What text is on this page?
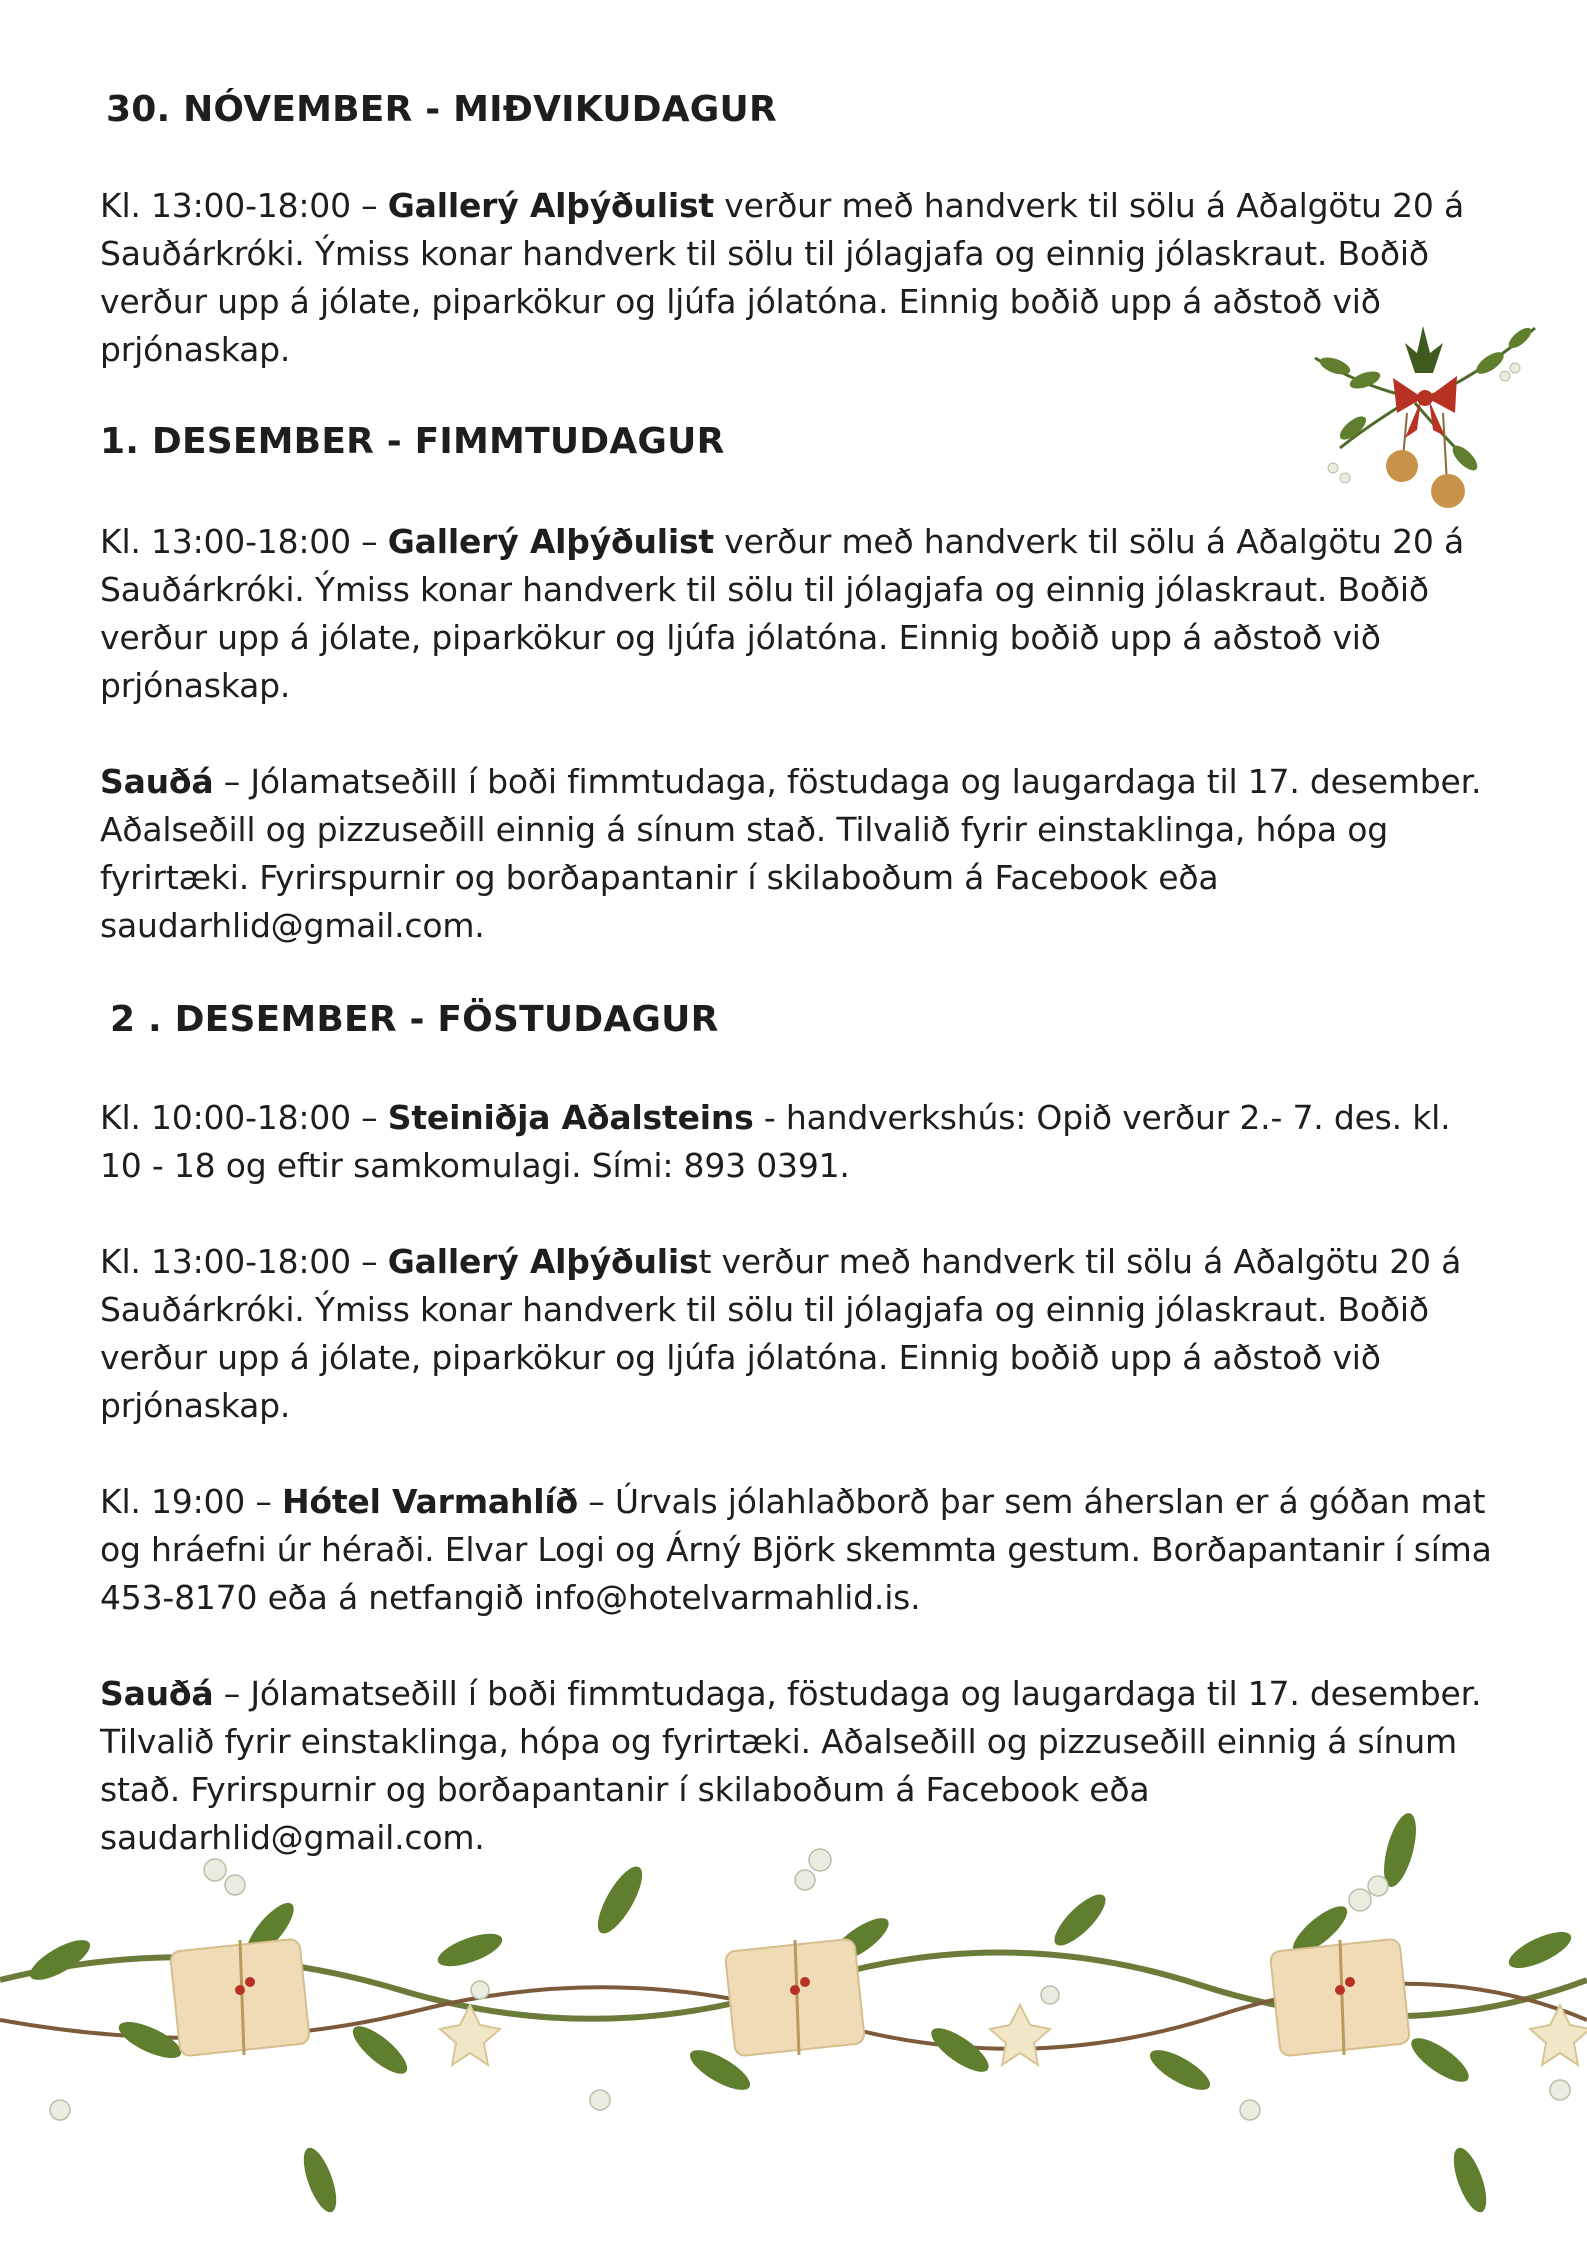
30. NÓVEMBER - MIÐVIKUDAGUR
1. DESEMBER - FIMMTUDAGUR
2 . DESEMBER - FÖSTUDAGUR

Kl. 13:00-18:00 – Gallerý Alþýðulist verður með handverk til sölu á Aðalgötu 20 á Sauðárkróki. Ýmiss konar handverk til sölu til jólagjafa og einnig jólaskraut. Boðið verður upp á jólate, piparkökur og ljúfa jólatóna. Einnig boðið upp á aðstoð við prjónaskap.

Kl. 13:00-18:00 – Gallerý Alþýðulist verður með handverk til sölu á Aðalgötu 20 á Sauðárkróki. Ýmiss konar handverk til sölu til jólagjafa og einnig jólaskraut. Boðið verður upp á jólate, piparkökur og ljúfa jólatóna. Einnig boðið upp á aðstoð við prjónaskap.

Sauðá – Jólamatseðill í boði fimmtudaga, föstudaga og laugardaga til 17. desember. Aðalseðill og pizzuseðill einnig á sínum stað. Tilvalið fyrir einstaklinga, hópa og fyrirtæki. Fyrirspurnir og borðapantanir í skilaboðum á Facebook eða saudarhlid@gmail.com.

Kl. 10:00-18:00 – Steiniðja Aðalsteins - handverkshús: Opið verður 2.- 7. des. kl. 10 - 18 og eftir samkomulagi. Sími: 893 0391.

Kl. 13:00-18:00 – Gallerý Alþýðulist verður með handverk til sölu á Aðalgötu 20 á Sauðárkróki. Ýmiss konar handverk til sölu til jólagjafa og einnig jólaskraut. Boðið verður upp á jólate, piparkökur og ljúfa jólatóna. Einnig boðið upp á aðstoð við prjónaskap.

Kl. 19:00 – Hótel Varmahlíð – Úrvals jólahlaðborð þar sem áherslan er á góðan mat og hráefni úr héraði. Elvar Logi og Árný Björk skemmta gestum. Borðapantanir í síma 453-8170 eða á netfangið info@hotelvarmahlid.is.

Sauðá – Jólamatseðill í boði fimmtudaga, föstudaga og laugardaga til 17. desember. Tilvalið fyrir einstaklinga, hópa og fyrirtæki. Aðalseðill og pizzuseðill einnig á sínum stað. Fyrirspurnir og borðapantanir í skilaboðum á Facebook eða saudarhlid@gmail.com.
